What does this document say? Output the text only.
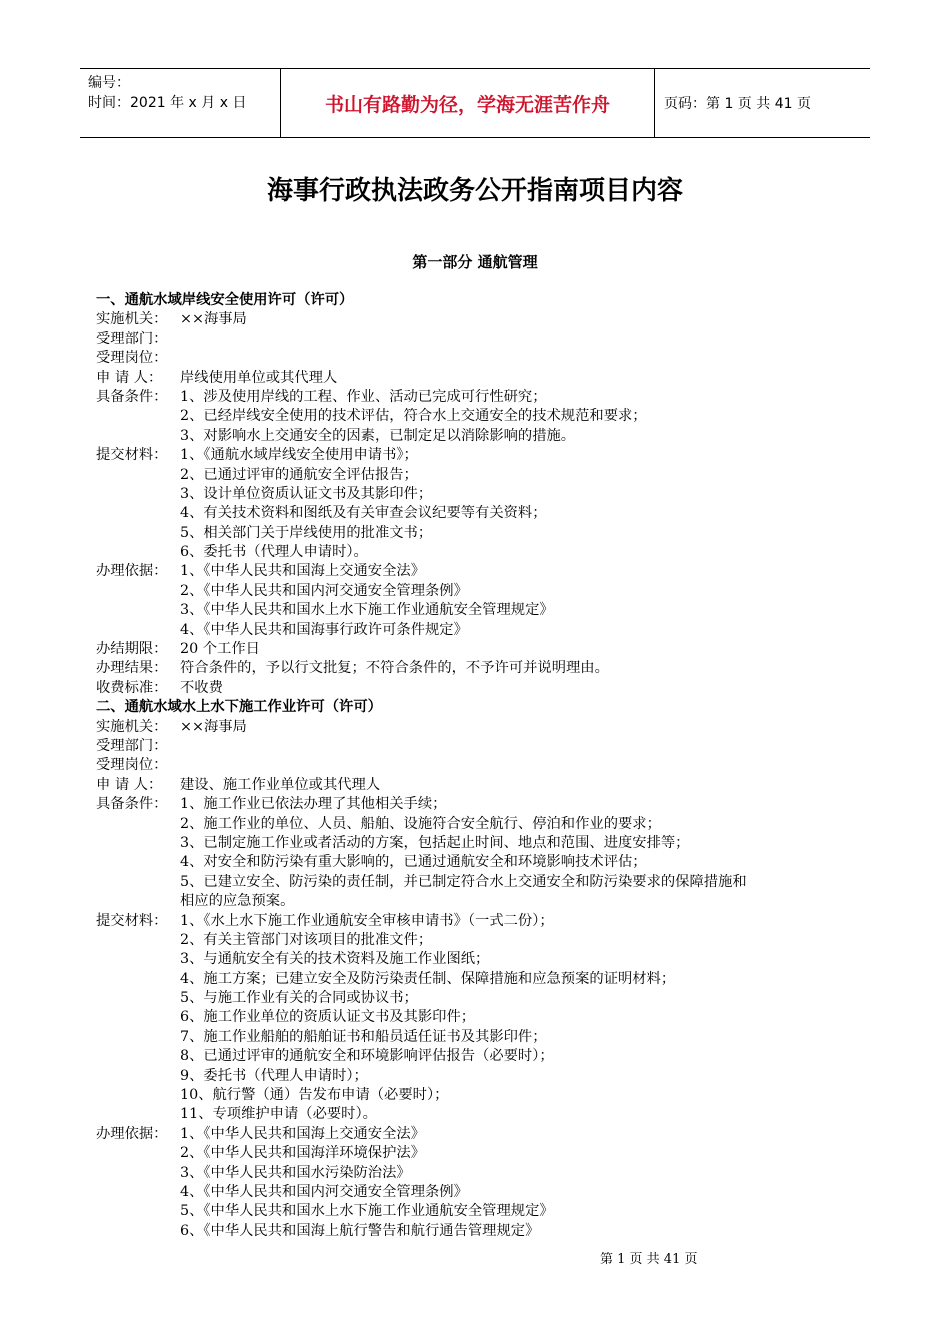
编号：
时间：2021 年 x 月 x 日	书山有路勤为径，学海无涯苦作舟	页码：第 1 页 共 41 页
海事行政执法政务公开指南项目内容
第一部分 通航管理
一、通航水域岸线安全使用许可（许可）
实施机关： ××海事局
受理部门：
受理岗位：
申 请 人： 岸线使用单位或其代理人
具备条件： 1、涉及使用岸线的工程、作业、活动已完成可行性研究；
2、已经岸线安全使用的技术评估，符合水上交通安全的技术规范和要求；
3、对影响水上交通安全的因素，已制定足以消除影响的措施。
提交材料： 1、《通航水域岸线安全使用申请书》；
2、已通过评审的通航安全评估报告；
3、设计单位资质认证文书及其影印件；
4、有关技术资料和图纸及有关审查会议纪要等有关资料；
5、相关部门关于岸线使用的批准文书；
6、委托书（代理人申请时）。
办理依据： 1、《中华人民共和国海上交通安全法》
2、《中华人民共和国内河交通安全管理条例》
3、《中华人民共和国水上水下施工作业通航安全管理规定》
4、《中华人民共和国海事行政许可条件规定》
办结期限： 20 个工作日
办理结果： 符合条件的，予以行文批复；不符合条件的，不予许可并说明理由。
收费标准： 不收费
二、通航水域水上水下施工作业许可（许可）
实施机关： ××海事局
受理部门：
受理岗位：
申 请 人： 建设、施工作业单位或其代理人
具备条件： 1、施工作业已依法办理了其他相关手续；
2、施工作业的单位、人员、船舶、设施符合安全航行、停泊和作业的要求；
3、已制定施工作业或者活动的方案，包括起止时间、地点和范围、进度安排等；
4、对安全和防污染有重大影响的，已通过通航安全和环境影响技术评估；
5、已建立安全、防污染的责任制，并已制定符合水上交通安全和防污染要求的保障措施和
相应的应急预案。
提交材料： 1、《水上水下施工作业通航安全审核申请书》（一式二份）；
2、有关主管部门对该项目的批准文件；
3、与通航安全有关的技术资料及施工作业图纸；
4、施工方案；已建立安全及防污染责任制、保障措施和应急预案的证明材料；
5、与施工作业有关的合同或协议书；
6、施工作业单位的资质认证文书及其影印件；
7、施工作业船舶的船舶证书和船员适任证书及其影印件；
8、已通过评审的通航安全和环境影响评估报告（必要时）；
9、委托书（代理人申请时）；
10、航行警（通）告发布申请（必要时）；
11、专项维护申请（必要时）。
办理依据： 1、《中华人民共和国海上交通安全法》
2、《中华人民共和国海洋环境保护法》
3、《中华人民共和国水污染防治法》
4、《中华人民共和国内河交通安全管理条例》
5、《中华人民共和国水上水下施工作业通航安全管理规定》
6、《中华人民共和国海上航行警告和航行通告管理规定》
第 1 页 共 41 页
